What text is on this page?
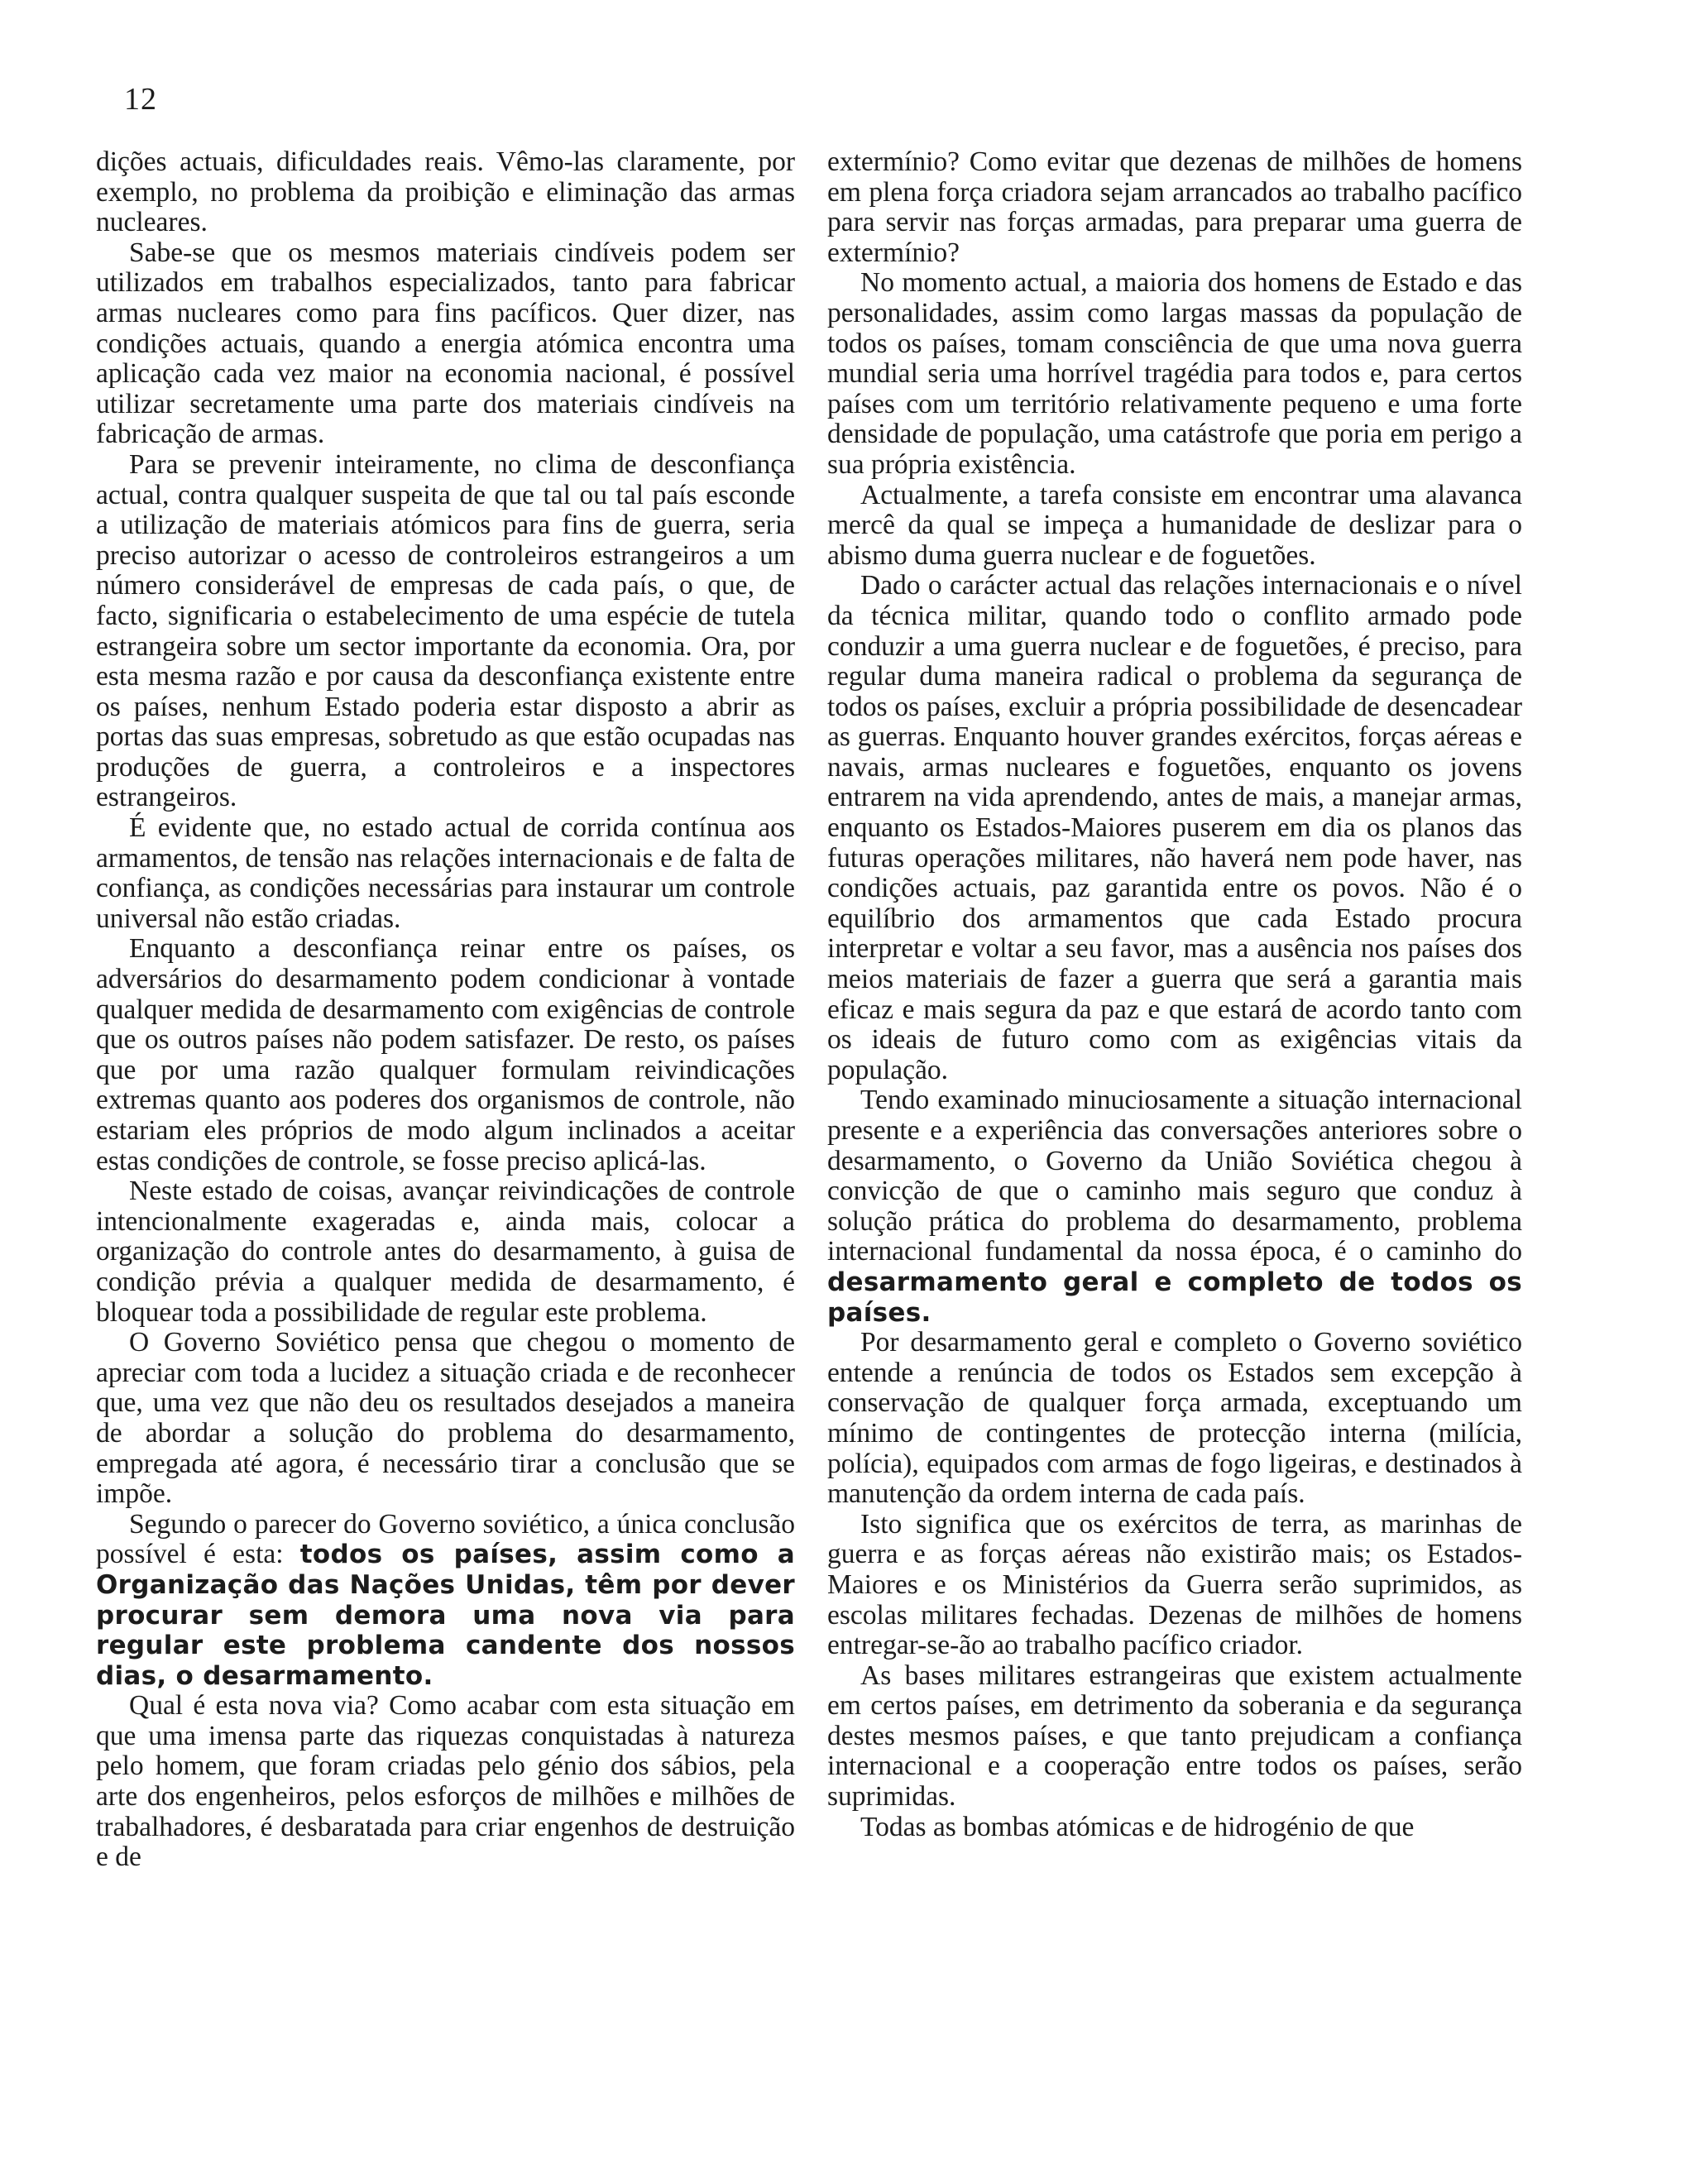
12

dições actuais, dificuldades reais. Vêmo-las claramente, por exemplo, no problema da proibição e eliminação das armas nucleares.

Sabe-se que os mesmos materiais cindíveis podem ser utilizados em trabalhos especializados, tanto para fabricar armas nucleares como para fins pacíficos. Quer dizer, nas condições actuais, quando a energia atómica encontra uma aplicação cada vez maior na economia nacional, é possível utilizar secretamente uma parte dos materiais cindíveis na fabricação de armas.

Para se prevenir inteiramente, no clima de desconfiança actual, contra qualquer suspeita de que tal ou tal país esconde a utilização de materiais atómicos para fins de guerra, seria preciso autorizar o acesso de controleiros estrangeiros a um número considerável de empresas de cada país, o que, de facto, significaria o estabelecimento de uma espécie de tutela estrangeira sobre um sector importante da economia. Ora, por esta mesma razão e por causa da desconfiança existente entre os países, nenhum Estado poderia estar disposto a abrir as portas das suas empresas, sobretudo as que estão ocupadas nas produções de guerra, a controleiros e a inspectores estrangeiros.

É evidente que, no estado actual de corrida contínua aos armamentos, de tensão nas relações internacionais e de falta de confiança, as condições necessárias para instaurar um controle universal não estão criadas.

Enquanto a desconfiança reinar entre os países, os adversários do desarmamento podem condicionar à vontade qualquer medida de desarmamento com exigências de controle que os outros países não podem satisfazer. De resto, os países que por uma razão qualquer formulam reivindicações extremas quanto aos poderes dos organismos de controle, não estariam eles próprios de modo algum inclinados a aceitar estas condições de controle, se fosse preciso aplicá-las.

Neste estado de coisas, avançar reivindicações de controle intencionalmente exageradas e, ainda mais, colocar a organização do controle antes do desarmamento, à guisa de condição prévia a qualquer medida de desarmamento, é bloquear toda a possibilidade de regular este problema.

O Governo Soviético pensa que chegou o momento de apreciar com toda a lucidez a situação criada e de reconhecer que, uma vez que não deu os resultados desejados a maneira de abordar a solução do problema do desarmamento, empregada até agora, é necessário tirar a conclusão que se impõe.

Segundo o parecer do Governo soviético, a única conclusão possível é esta: todos os países, assim como a Organização das Nações Unidas, têm por dever procurar sem demora uma nova via para regular este problema candente dos nossos dias, o desarmamento.

Qual é esta nova via? Como acabar com esta situação em que uma imensa parte das riquezas conquistadas à natureza pelo homem, que foram criadas pelo génio dos sábios, pela arte dos engenheiros, pelos esforços de milhões e milhões de trabalhadores, é desbaratada para criar engenhos de destruição e de

extermínio? Como evitar que dezenas de milhões de homens em plena força criadora sejam arrancados ao trabalho pacífico para servir nas forças armadas, para preparar uma guerra de extermínio?

No momento actual, a maioria dos homens de Estado e das personalidades, assim como largas massas da população de todos os países, tomam consciência de que uma nova guerra mundial seria uma horrível tragédia para todos e, para certos países com um território relativamente pequeno e uma forte densidade de população, uma catástrofe que poria em perigo a sua própria existência.

Actualmente, a tarefa consiste em encontrar uma alavanca mercê da qual se impeça a humanidade de deslizar para o abismo duma guerra nuclear e de foguetões.

Dado o carácter actual das relações internacionais e o nível da técnica militar, quando todo o conflito armado pode conduzir a uma guerra nuclear e de foguetões, é preciso, para regular duma maneira radical o problema da segurança de todos os países, excluir a própria possibilidade de desencadear as guerras. Enquanto houver grandes exércitos, forças aéreas e navais, armas nucleares e foguetões, enquanto os jovens entrarem na vida aprendendo, antes de mais, a manejar armas, enquanto os Estados-Maiores puserem em dia os planos das futuras operações militares, não haverá nem pode haver, nas condições actuais, paz garantida entre os povos. Não é o equilíbrio dos armamentos que cada Estado procura interpretar e voltar a seu favor, mas a ausência nos países dos meios materiais de fazer a guerra que será a garantia mais eficaz e mais segura da paz e que estará de acordo tanto com os ideais de futuro como com as exigências vitais da população.

Tendo examinado minuciosamente a situação internacional presente e a experiência das conversações anteriores sobre o desarmamento, o Governo da União Soviética chegou à convicção de que o caminho mais seguro que conduz à solução prática do problema do desarmamento, problema internacional fundamental da nossa época, é o caminho do desarmamento geral e completo de todos os países.

Por desarmamento geral e completo o Governo soviético entende a renúncia de todos os Estados sem excepção à conservação de qualquer força armada, exceptuando um mínimo de contingentes de protecção interna (milícia, polícia), equipados com armas de fogo ligeiras, e destinados à manutenção da ordem interna de cada país.

Isto significa que os exércitos de terra, as marinhas de guerra e as forças aéreas não existirão mais; os Estados-Maiores e os Ministérios da Guerra serão suprimidos, as escolas militares fechadas. Dezenas de milhões de homens entregar-se-ão ao trabalho pacífico criador.

As bases militares estrangeiras que existem actualmente em certos países, em detrimento da soberania e da segurança destes mesmos países, e que tanto prejudicam a confiança internacional e a cooperação entre todos os países, serão suprimidas.

Todas as bombas atómicas e de hidrogénio de que
